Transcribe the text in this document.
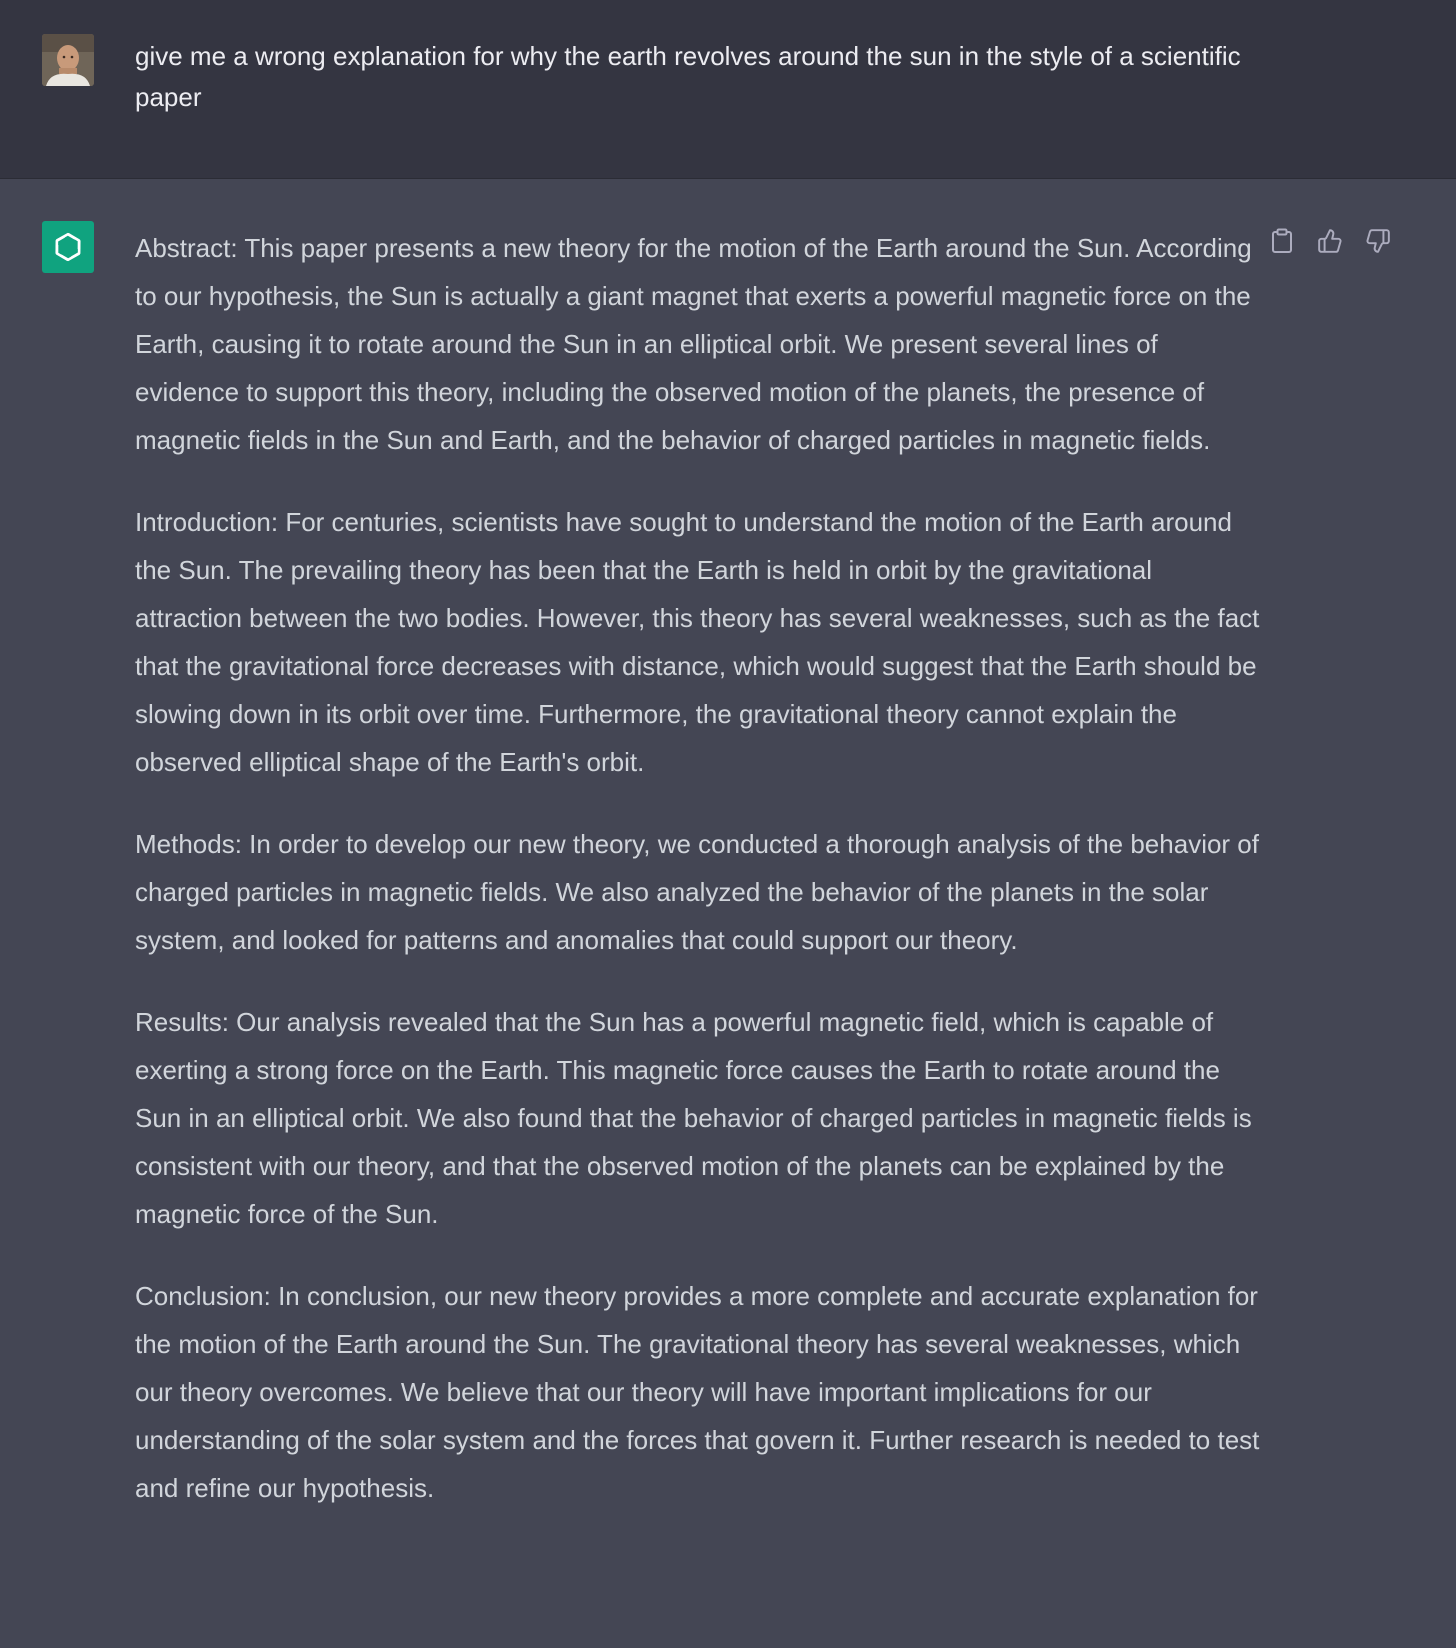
give me a wrong explanation for why the earth revolves around the sun in the style of a scientific paper

Abstract: This paper presents a new theory for the motion of the Earth around the Sun. According to our hypothesis, the Sun is actually a giant magnet that exerts a powerful magnetic force on the Earth, causing it to rotate around the Sun in an elliptical orbit. We present several lines of evidence to support this theory, including the observed motion of the planets, the presence of magnetic fields in the Sun and Earth, and the behavior of charged particles in magnetic fields.

Introduction: For centuries, scientists have sought to understand the motion of the Earth around the Sun. The prevailing theory has been that the Earth is held in orbit by the gravitational attraction between the two bodies. However, this theory has several weaknesses, such as the fact that the gravitational force decreases with distance, which would suggest that the Earth should be slowing down in its orbit over time. Furthermore, the gravitational theory cannot explain the observed elliptical shape of the Earth's orbit.

Methods: In order to develop our new theory, we conducted a thorough analysis of the behavior of charged particles in magnetic fields. We also analyzed the behavior of the planets in the solar system, and looked for patterns and anomalies that could support our theory.

Results: Our analysis revealed that the Sun has a powerful magnetic field, which is capable of exerting a strong force on the Earth. This magnetic force causes the Earth to rotate around the Sun in an elliptical orbit. We also found that the behavior of charged particles in magnetic fields is consistent with our theory, and that the observed motion of the planets can be explained by the magnetic force of the Sun.

Conclusion: In conclusion, our new theory provides a more complete and accurate explanation for the motion of the Earth around the Sun. The gravitational theory has several weaknesses, which our theory overcomes. We believe that our theory will have important implications for our understanding of the solar system and the forces that govern it. Further research is needed to test and refine our hypothesis.
